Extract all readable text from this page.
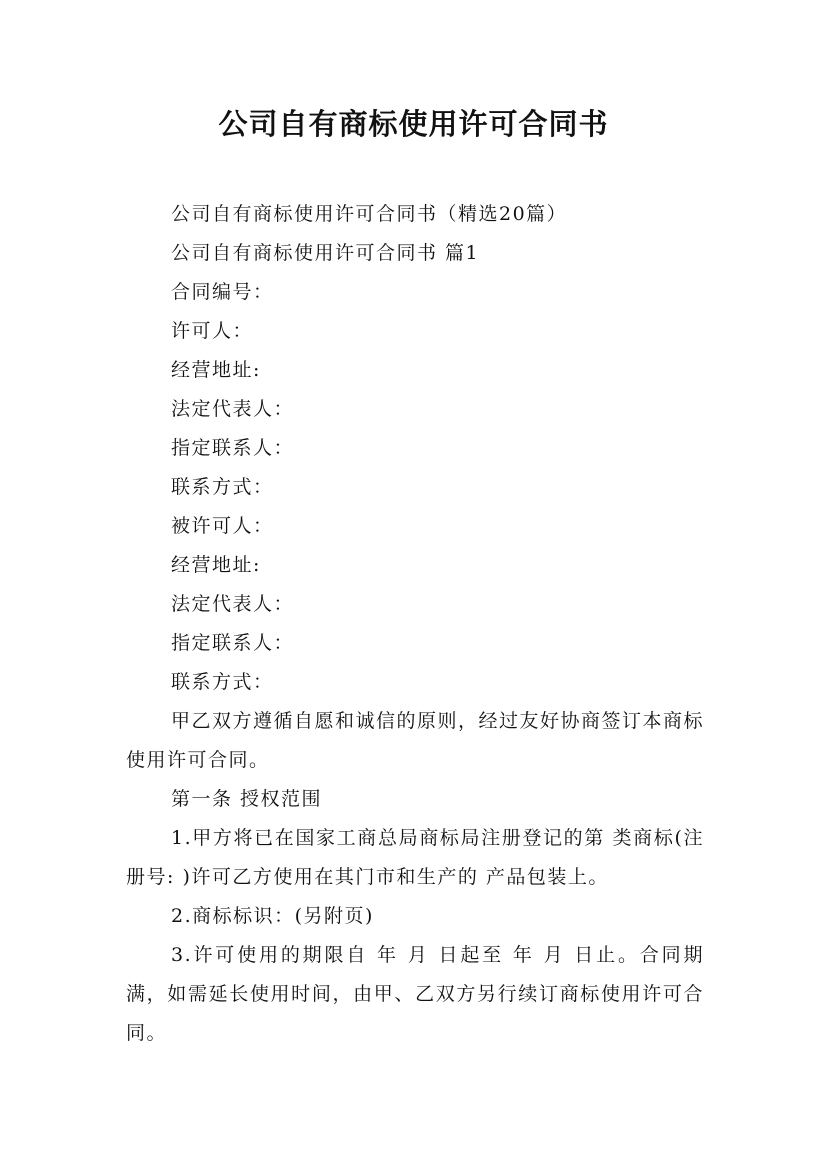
公司自有商标使用许可合同书
公司自有商标使用许可合同书（精选20篇）
公司自有商标使用许可合同书 篇1
合同编号：
许可人：
经营地址:
法定代表人：
指定联系人：
联系方式：
被许可人：
经营地址:
法定代表人：
指定联系人：
联系方式：
甲乙双方遵循自愿和诚信的原则，经过友好协商签订本商标使用许可合同。
第一条 授权范围
1.甲方将已在国家工商总局商标局注册登记的第 类商标(注册号: )许可乙方使用在其门市和生产的 产品包装上。
2.商标标识：(另附页)
3.许可使用的期限自 年 月 日起至 年 月 日止。合同期满，如需延长使用时间，由甲、乙双方另行续订商标使用许可合同。
